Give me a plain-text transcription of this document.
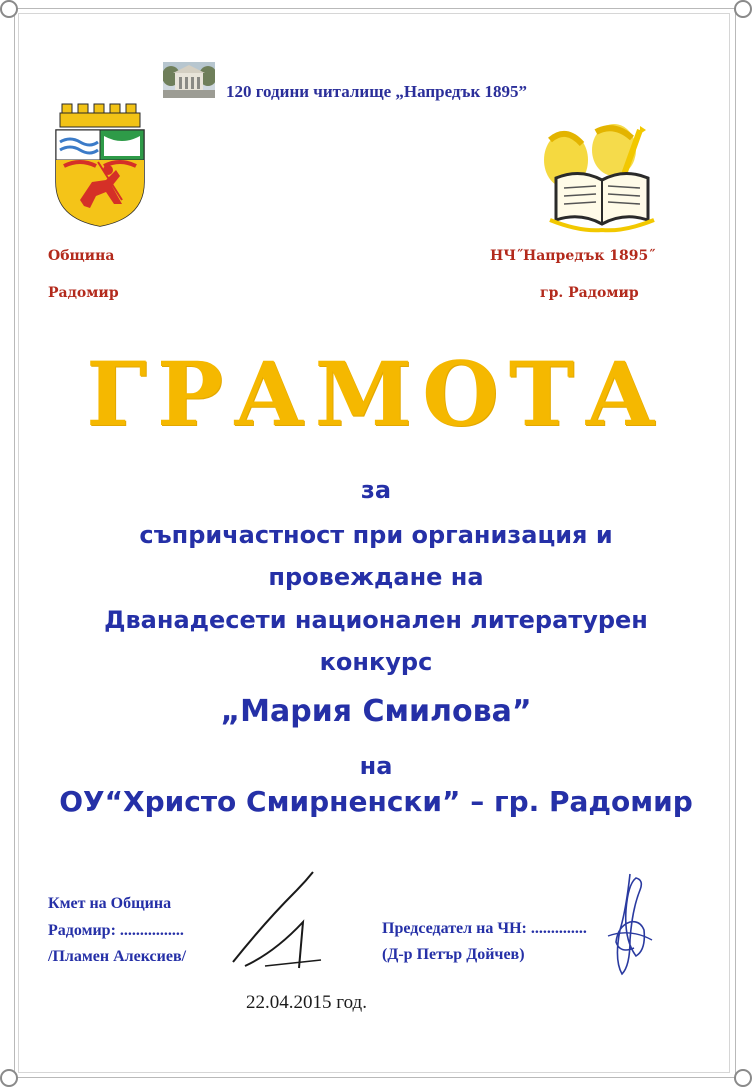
120 години читалище „Напредък 1895”
Община
Радомир
НЧ˝Напредък 1895˝
гр. Радомир
ГРАМОТА
за
съпричастност при организация и
провеждане на
Дванадесети национален литературен
конкурс
„Мария Смилова”
на
ОУ“Христо Смирненски” – гр. Радомир
Кмет на Община
Радомир: ................
/Пламен Алексиев/
Председател на ЧН: ..............
(Д-р Петър Дойчев)
22.04.2015 год.
